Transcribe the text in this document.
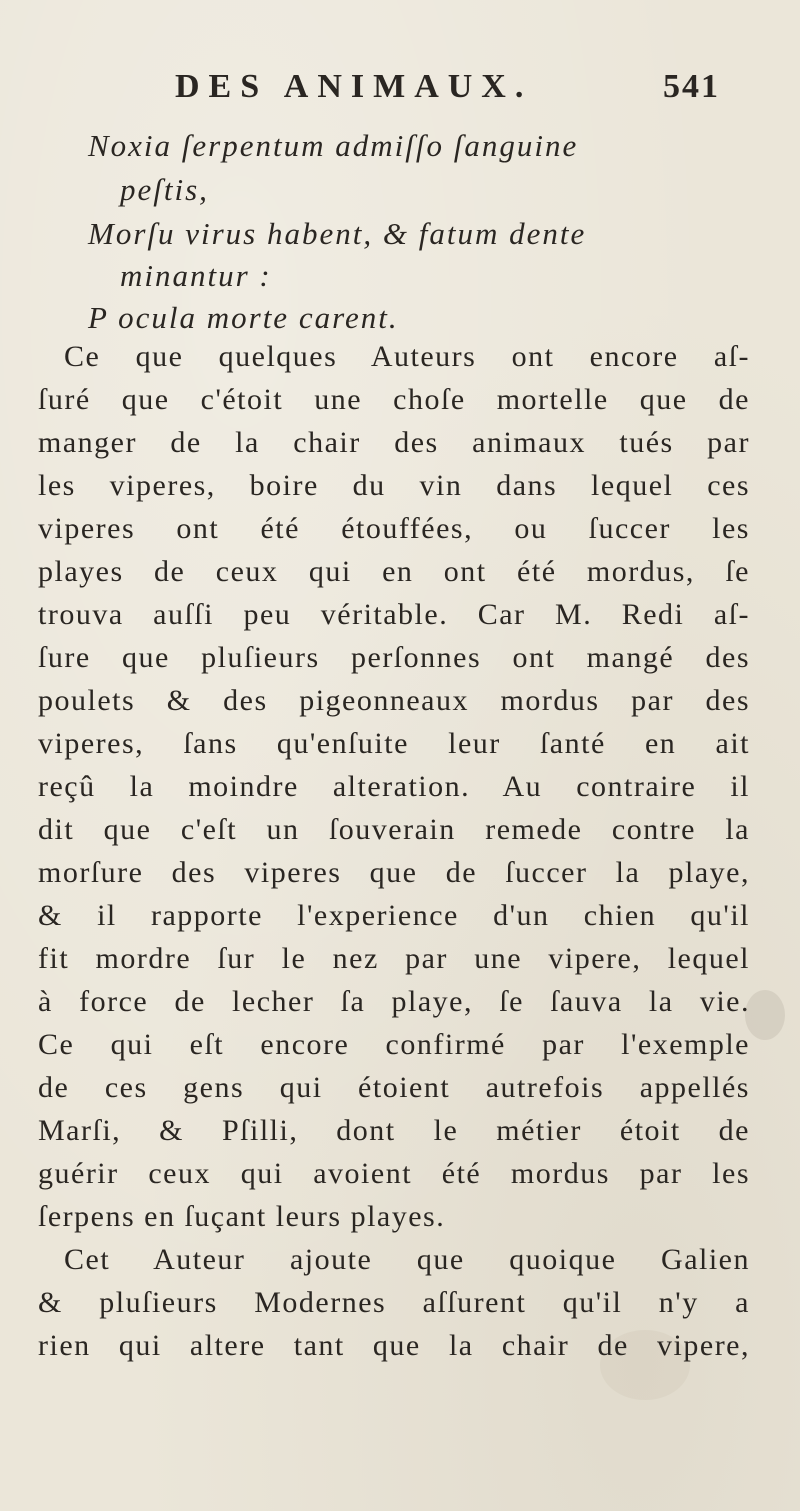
DES ANIMAUX.	541
Noxia ſerpentum admiſſo ſanguine
peſtis,
Morſu virus habent, & fatum dente
minantur :
P ocula morte carent.
Ce que quelques Auteurs ont encore aſ-
ſuré que c'étoit une choſe mortelle que de
manger de la chair des animaux tués par
les viperes, boire du vin dans lequel ces
viperes ont été étouffées, ou ſuccer les
playes de ceux qui en ont été mordus, ſe
trouva auſſi peu véritable. Car M. Redi aſ-
ſure que pluſieurs perſonnes ont mangé des
poulets & des pigeonneaux mordus par des
viperes, ſans qu'enſuite leur ſanté en ait
reçû la moindre alteration. Au contraire il
dit que c'eſt un ſouverain remede contre la
morſure des viperes que de ſuccer la playe,
& il rapporte l'experience d'un chien qu'il
fit mordre ſur le nez par une vipere, lequel
à force de lecher ſa playe, ſe ſauva la vie.
Ce qui eſt encore confirmé par l'exemple
de ces gens qui étoient autrefois appellés
Marſi, & Pſilli, dont le métier étoit de
guérir ceux qui avoient été mordus par les
ſerpens en ſuçant leurs playes.
Cet Auteur ajoute que quoique Galien
& pluſieurs Modernes aſſurent qu'il n'y a
rien qui altere tant que la chair de vipere,
